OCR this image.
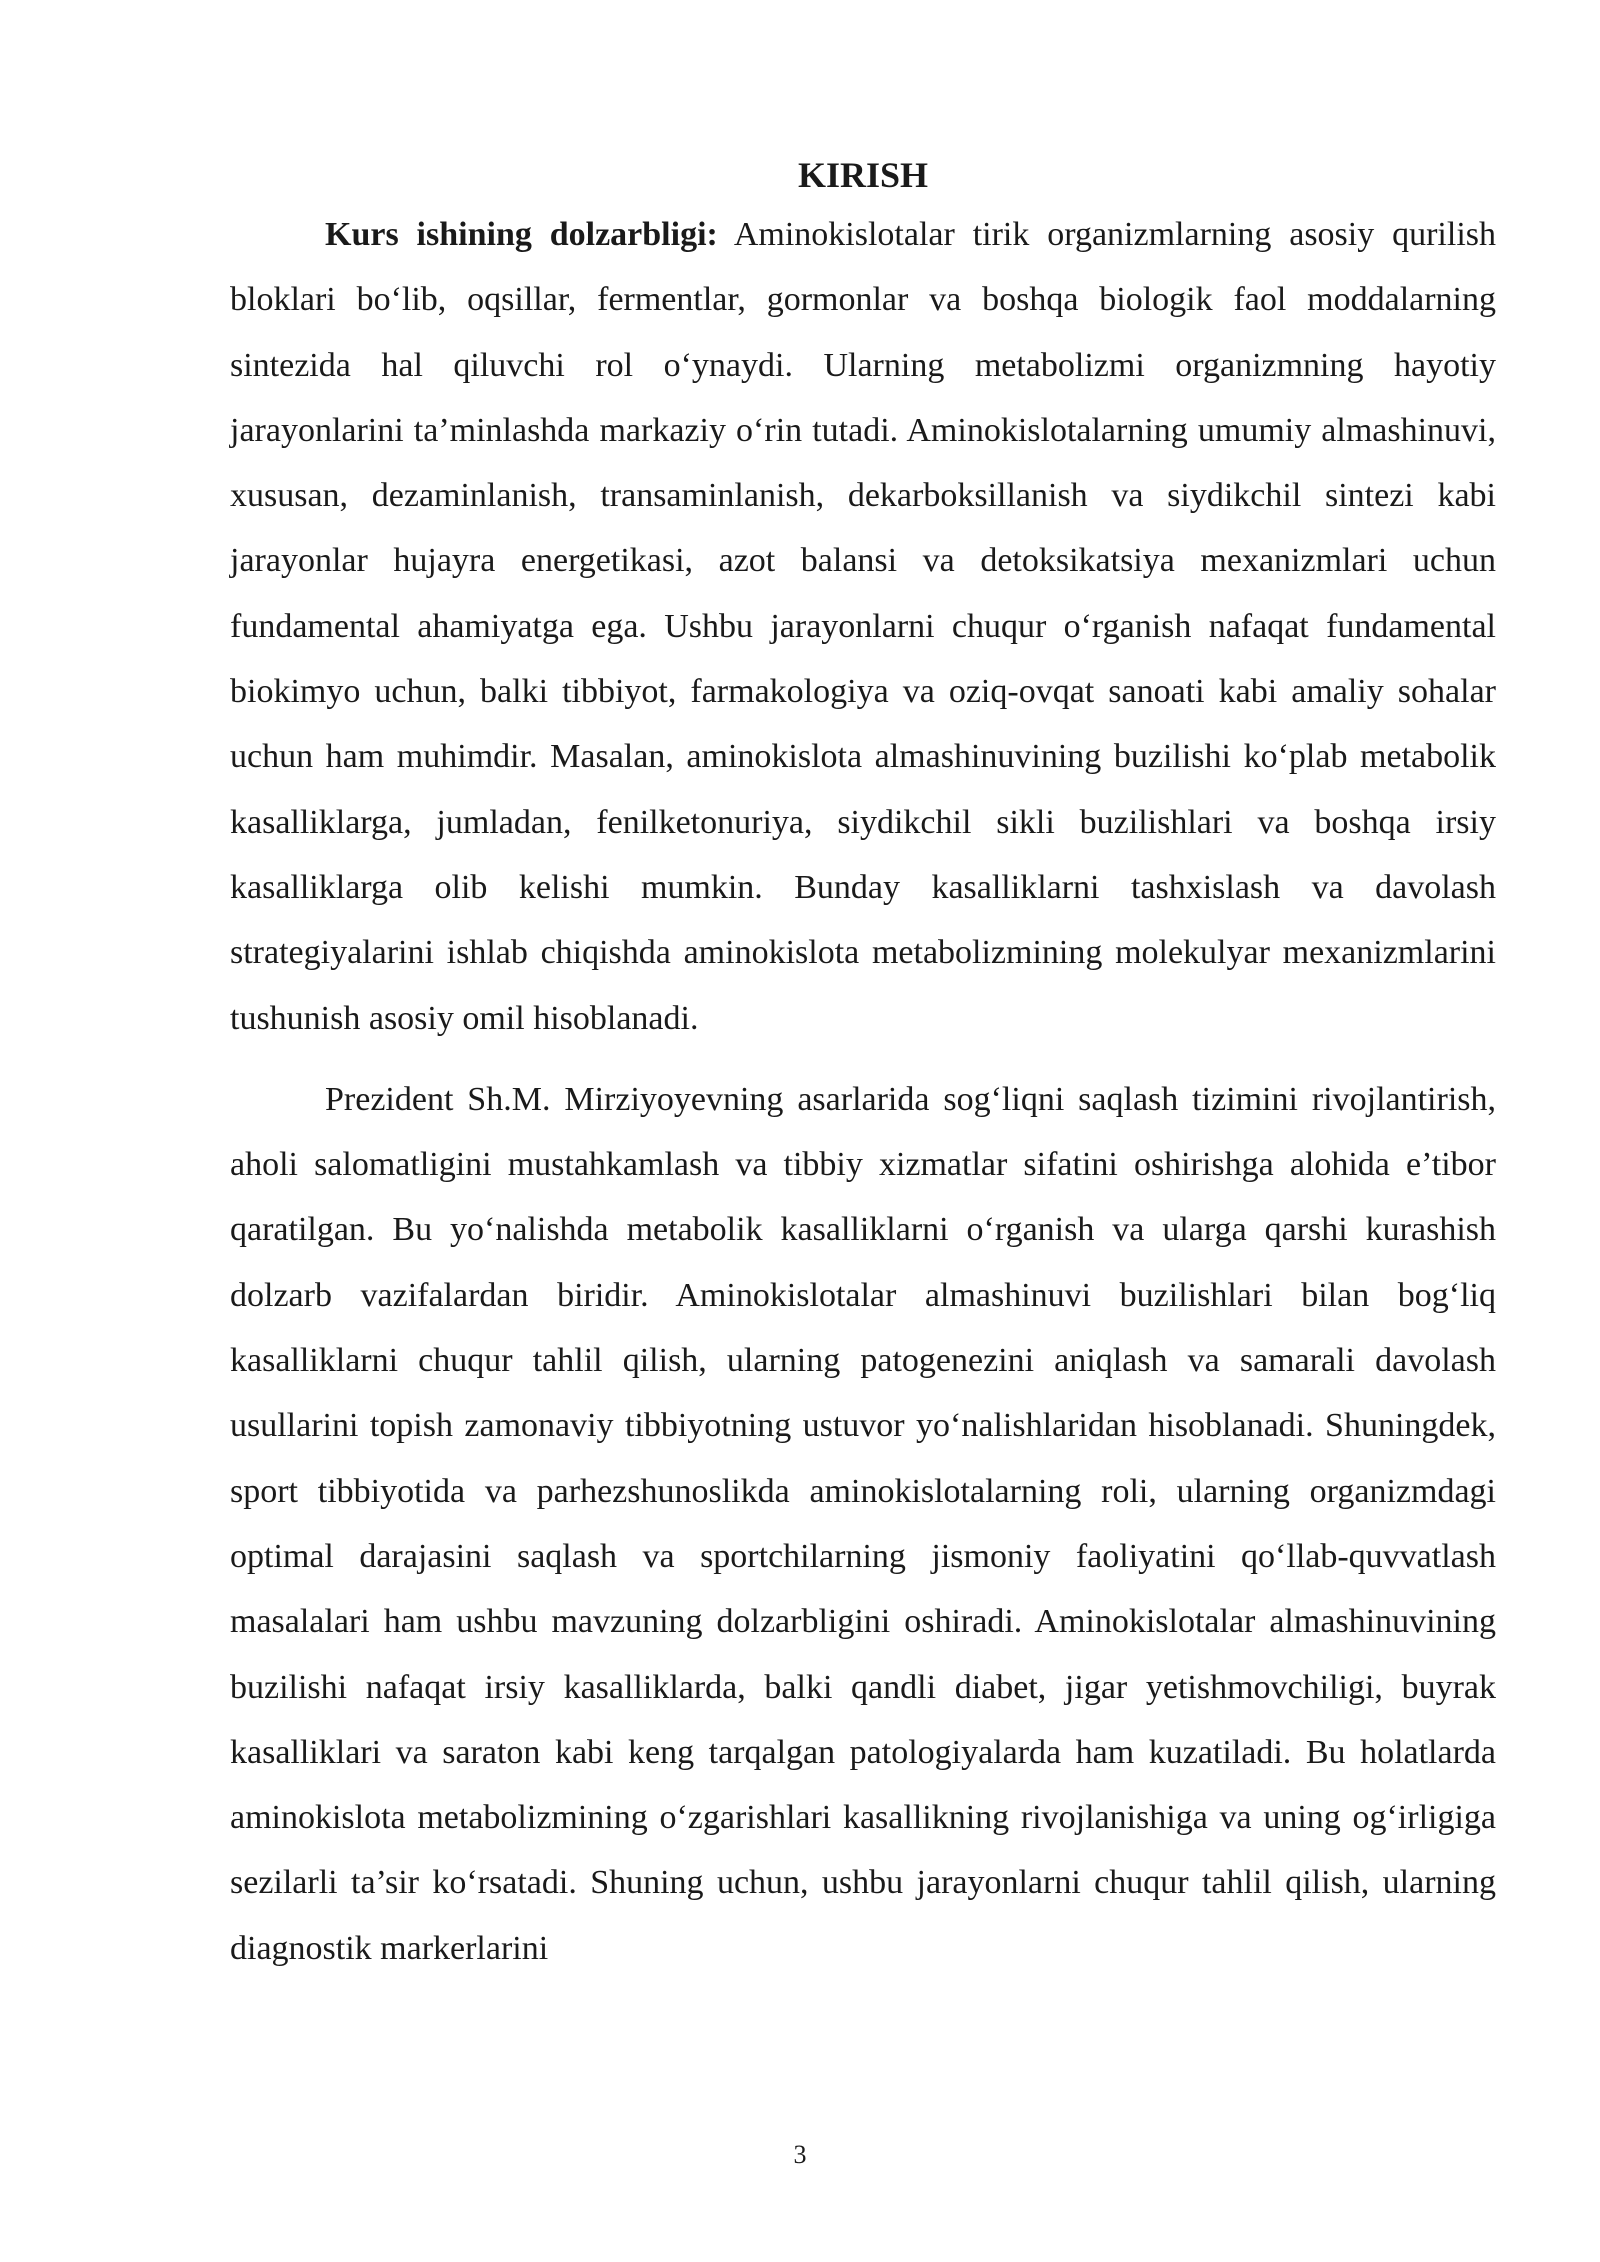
KIRISH

Kurs ishining dolzarbligi: Aminokislotalar tirik organizmlarning asosiy qurilish bloklari bo‘lib, oqsillar, fermentlar, gormonlar va boshqa biologik faol moddalarning sintezida hal qiluvchi rol o‘ynaydi. Ularning metabolizmi organizmning hayotiy jarayonlarini ta’minlashda markaziy o‘rin tutadi. Aminokislotalarning umumiy almashinuvi, xususan, dezaminlanish, transaminlanish, dekarboksillanish va siydikchil sintezi kabi jarayonlar hujayra energetikasi, azot balansi va detoksikatsiya mexanizmlari uchun fundamental ahamiyatga ega. Ushbu jarayonlarni chuqur o‘rganish nafaqat fundamental biokimyo uchun, balki tibbiyot, farmakologiya va oziq-ovqat sanoati kabi amaliy sohalar uchun ham muhimdir. Masalan, aminokislota almashinuvining buzilishi ko‘plab metabolik kasalliklarga, jumladan, fenilketonuriya, siydikchil sikli buzilishlari va boshqa irsiy kasalliklarga olib kelishi mumkin. Bunday kasalliklarni tashxislash va davolash strategiyalarini ishlab chiqishda aminokislota metabolizmining molekulyar mexanizmlarini tushunish asosiy omil hisoblanadi.

Prezident Sh.M. Mirziyoyevning asarlarida sog‘liqni saqlash tizimini rivojlantirish, aholi salomatligini mustahkamlash va tibbiy xizmatlar sifatini oshirishga alohida e’tibor qaratilgan. Bu yo‘nalishda metabolik kasalliklarni o‘rganish va ularga qarshi kurashish dolzarb vazifalardan biridir. Aminokislotalar almashinuvi buzilishlari bilan bog‘liq kasalliklarni chuqur tahlil qilish, ularning patogenezini aniqlash va samarali davolash usullarini topish zamonaviy tibbiyotning ustuvor yo‘nalishlaridan hisoblanadi. Shuningdek, sport tibbiyotida va parhezshunoslikda aminokislotalarning roli, ularning organizmdagi optimal darajasini saqlash va sportchilarning jismoniy faoliyatini qo‘llab-quvvatlash masalalari ham ushbu mavzuning dolzarbligini oshiradi. Aminokislotalar almashinuvining buzilishi nafaqat irsiy kasalliklarda, balki qandli diabet, jigar yetishmovchiligi, buyrak kasalliklari va saraton kabi keng tarqalgan patologiyalarda ham kuzatiladi. Bu holatlarda aminokislota metabolizmining o‘zgarishlari kasallikning rivojlanishiga va uning og‘irligiga sezilarli ta’sir ko‘rsatadi. Shuning uchun, ushbu jarayonlarni chuqur tahlil qilish, ularning diagnostik markerlarini

3
